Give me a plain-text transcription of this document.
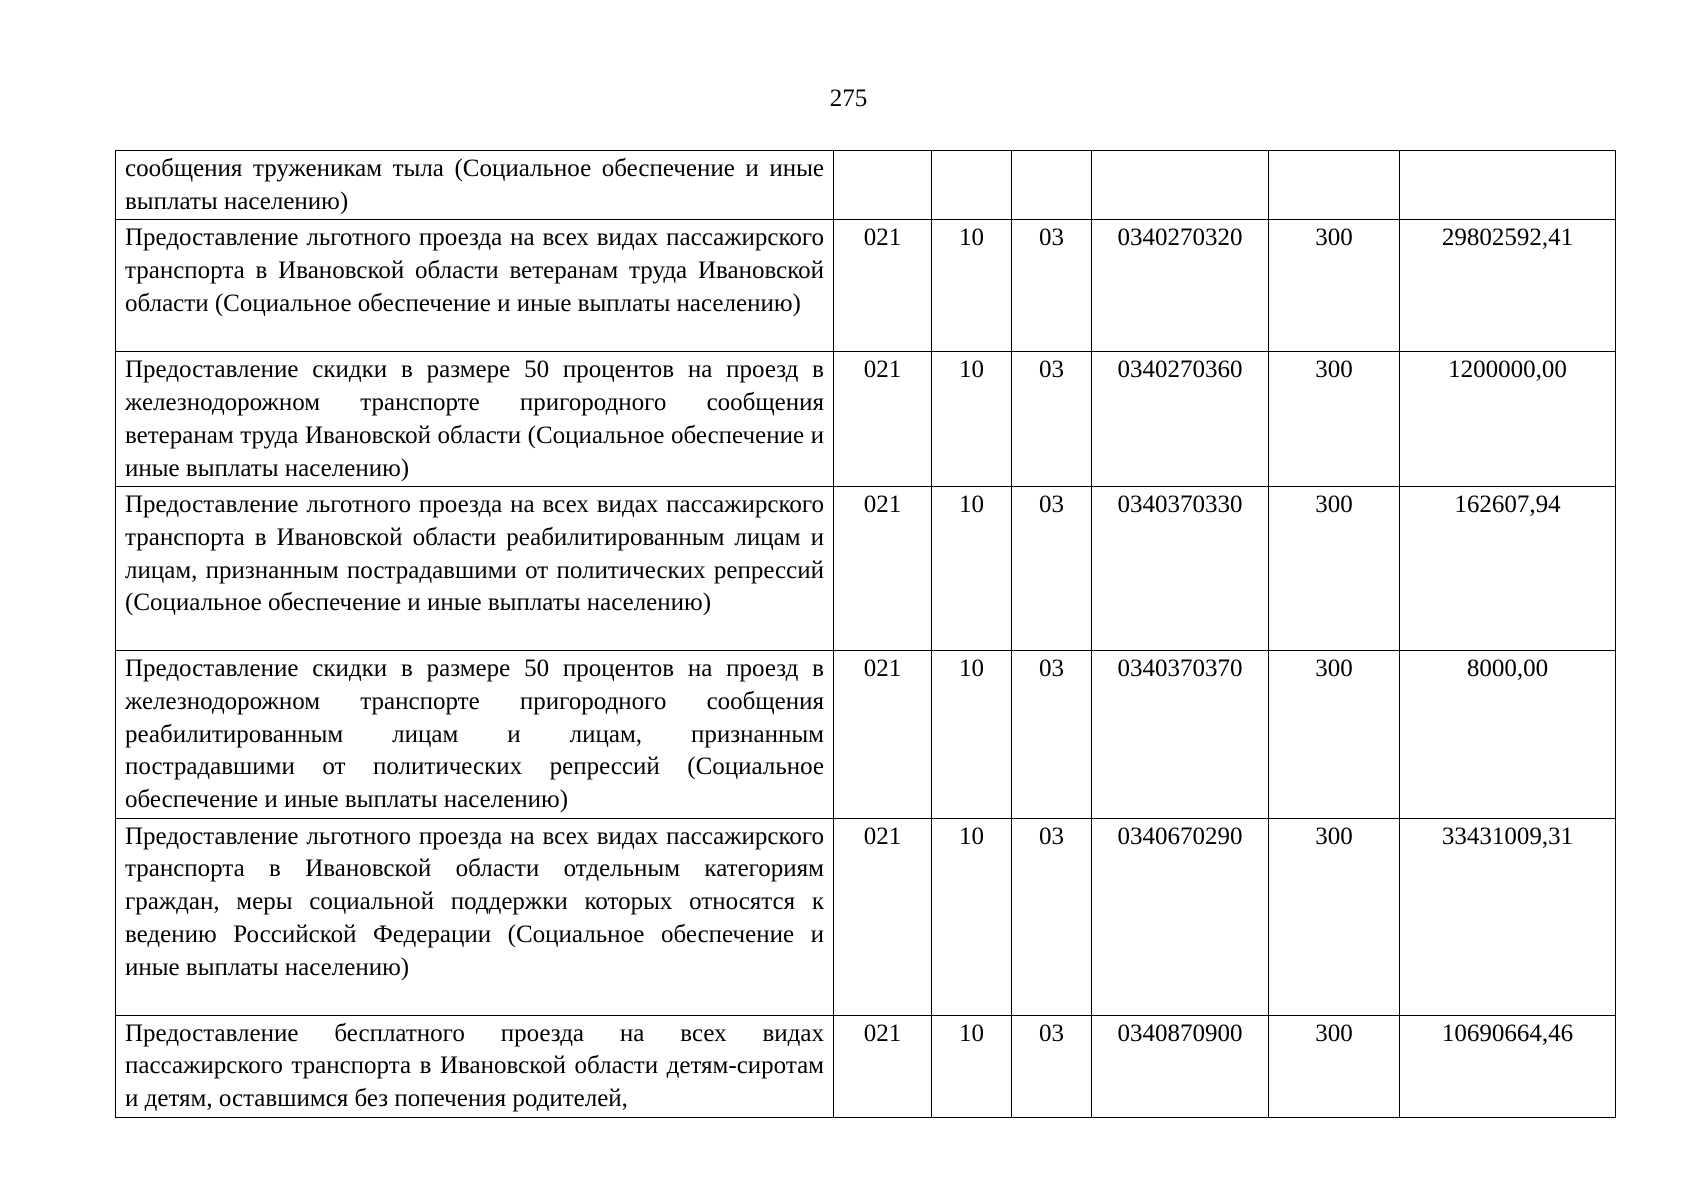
275
сообщения труженикам тыла (Социальное обеспечение и иные выплаты населению)						
Предоставление льготного проезда на всех видах пассажирского транспорта в Ивановской области ветеранам труда Ивановской области (Социальное обеспечение и иные выплаты населению)	021	10	03	0340270320	300	29802592,41
Предоставление скидки в размере 50 процентов на проезд в железнодорожном транспорте пригородного сообщения ветеранам труда Ивановской области (Социальное обеспечение и иные выплаты населению)	021	10	03	0340270360	300	1200000,00
Предоставление льготного проезда на всех видах пассажирского транспорта в Ивановской области реабилитированным лицам и лицам, признанным пострадавшими от политических репрессий (Социальное обеспечение и иные выплаты населению)	021	10	03	0340370330	300	162607,94
Предоставление скидки в размере 50 процентов на проезд в железнодорожном транспорте пригородного сообщения реабилитированным лицам и лицам, признанным пострадавшими от политических репрессий (Социальное обеспечение и иные выплаты населению)	021	10	03	0340370370	300	8000,00
Предоставление льготного проезда на всех видах пассажирского транспорта в Ивановской области отдельным категориям граждан, меры социальной поддержки которых относятся к ведению Российской Федерации (Социальное обеспечение и иные выплаты населению)	021	10	03	0340670290	300	33431009,31
Предоставление бесплатного проезда на всех видах пассажирского транспорта в Ивановской области детям-сиротам и детям, оставшимся без попечения родителей,	021	10	03	0340870900	300	10690664,46
